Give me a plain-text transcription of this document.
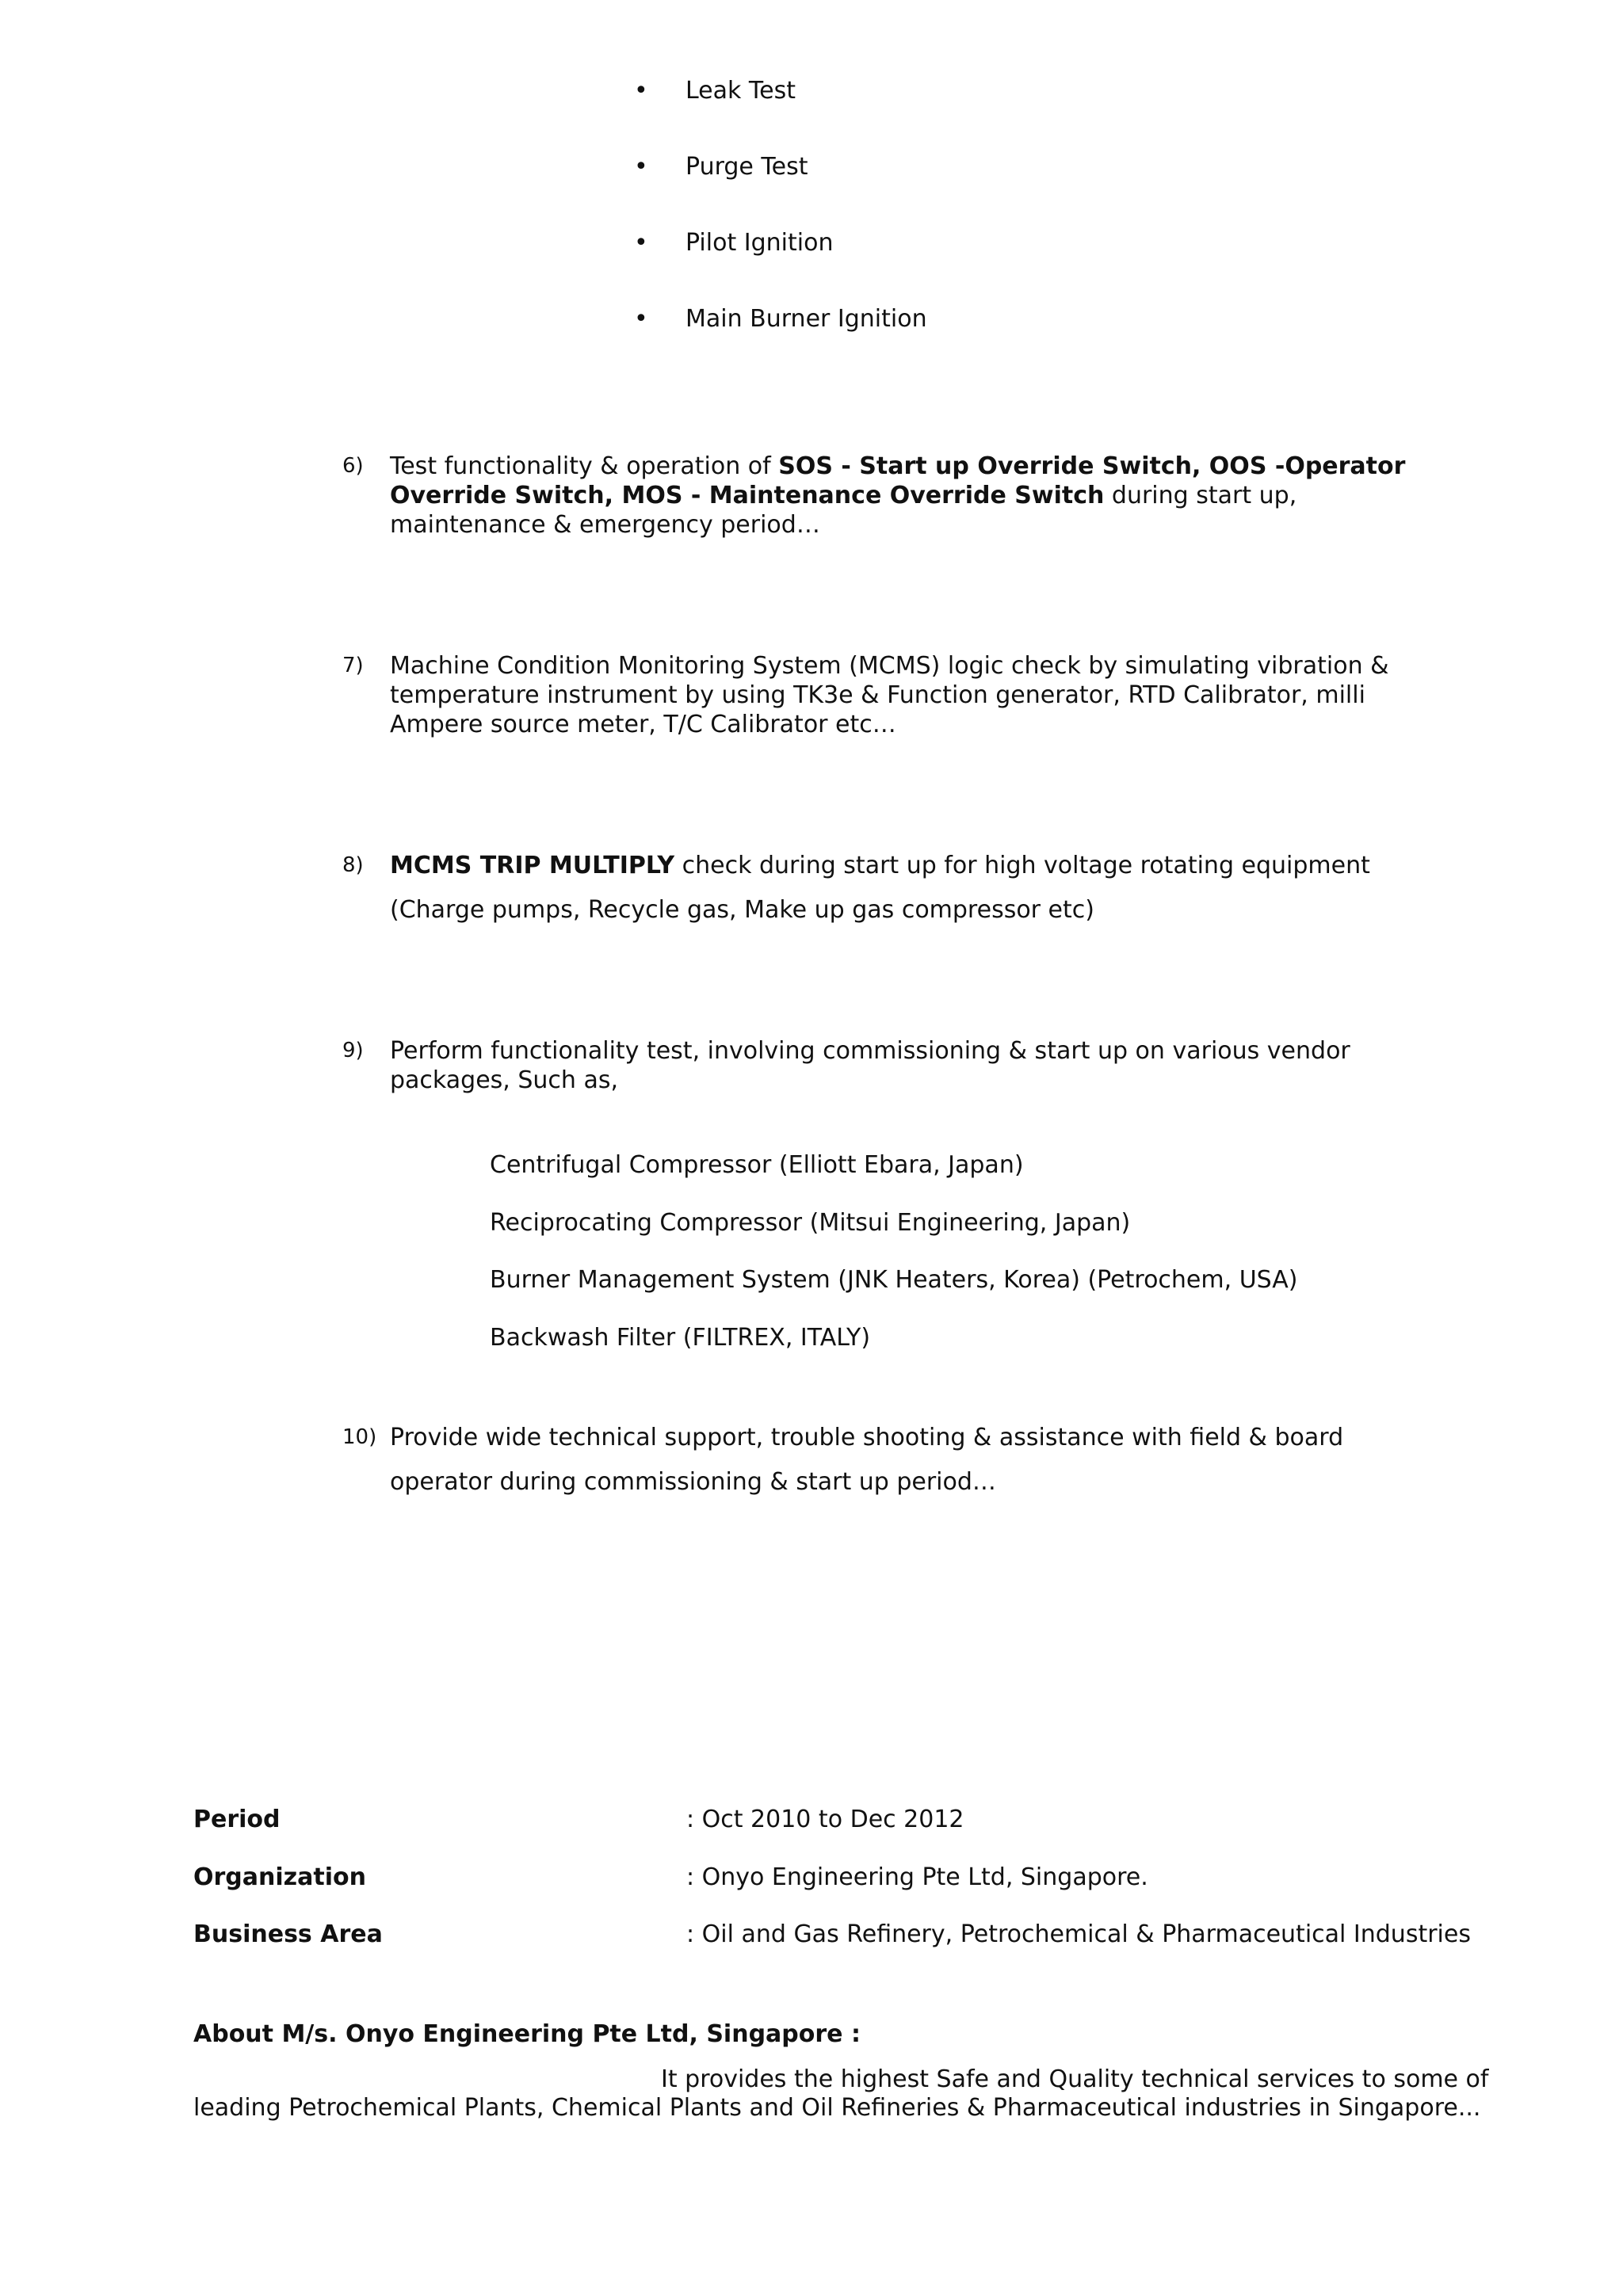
•	Leak Test
•	Purge Test
•	Pilot Ignition
•	Main Burner Ignition
6)	Test functionality & operation of SOS - Start up Override Switch, OOS -Operator Override Switch, MOS - Maintenance Override Switch during start up, maintenance & emergency period…
7)	Machine Condition Monitoring System (MCMS) logic check by simulating vibration & temperature instrument by using TK3e & Function generator, RTD Calibrator, milli Ampere source meter, T/C Calibrator etc…
8)	MCMS TRIP MULTIPLY check during start up for high voltage rotating equipment (Charge pumps, Recycle gas, Make up gas compressor etc)
9)	Perform functionality test, involving commissioning & start up on various vendor packages, Such as,
Centrifugal Compressor (Elliott Ebara, Japan)
Reciprocating Compressor (Mitsui Engineering, Japan)
Burner Management System (JNK Heaters, Korea) (Petrochem, USA)
Backwash Filter (FILTREX, ITALY)
10) Provide wide technical support, trouble shooting & assistance with field & board operator during commissioning & start up period…
Period	: Oct 2010 to Dec 2012
Organization	: Onyo Engineering Pte Ltd, Singapore.
Business Area	: Oil and Gas Refinery, Petrochemical & Pharmaceutical Industries
About M/s. Onyo Engineering Pte Ltd, Singapore :
It provides the highest Safe and Quality technical services to some of
leading Petrochemical Plants, Chemical Plants and Oil Refineries & Pharmaceutical industries in Singapore...
